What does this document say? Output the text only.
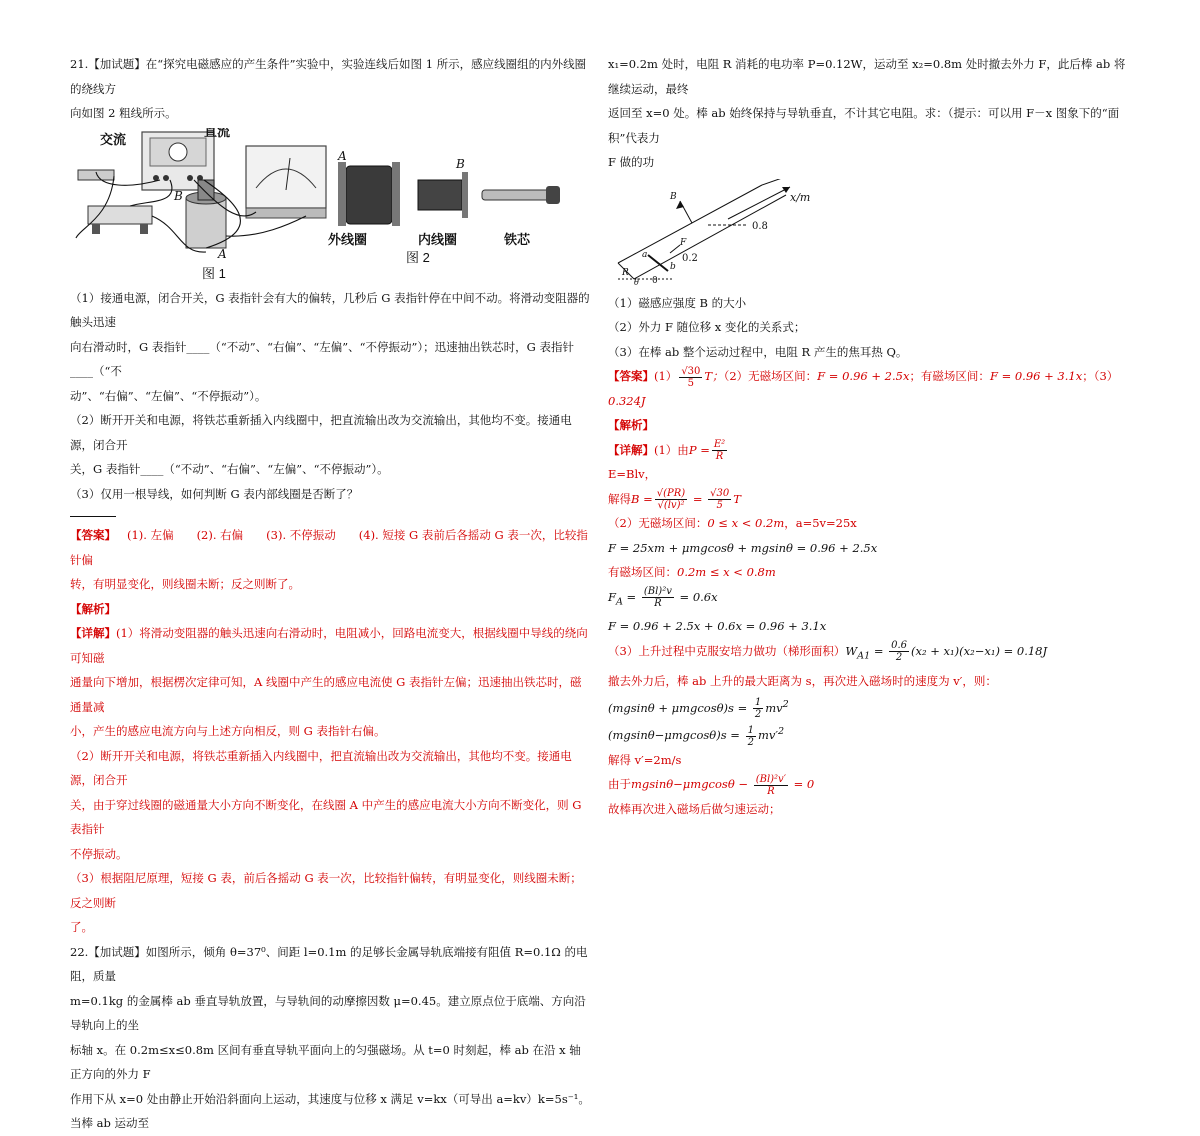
21.【加试题】在“探究电磁感应的产生条件”实验中，实验连线后如图 1 所示，感应线圈组的内外线圈的绕线方

向如图 2 粗线所示。

交流
直流
A
B
B
A
外线圈	内线圈	铁芯
图 1
图 2

（1）接通电源，闭合开关，G 表指针会有大的偏转，几秒后 G 表指针停在中间不动。将滑动变阻器的触头迅速

向右滑动时，G 表指针____（“不动”、“右偏”、“左偏”、“不停振动”）；迅速抽出铁芯时，G 表指针____（“不

动”、“右偏”、“左偏”、“不停振动”）。

（2）断开开关和电源，将铁芯重新插入内线圈中，把直流输出改为交流输出，其他均不变。接通电源，闭合开

关，G 表指针____（“不动”、“右偏”、“左偏”、“不停振动”）。

（3）仅用一根导线，如何判断 G 表内部线圈是否断了？

【答案】 (1). 左偏　　(2). 右偏　　(3). 不停振动　　(4). 短接 G 表前后各摇动 G 表一次，比较指针偏

转，有明显变化，则线圈未断；反之则断了。

【解析】

【详解】(1）将滑动变阻器的触头迅速向右滑动时，电阻减小，回路电流变大，根据线圈中导线的绕向可知磁

通量向下增加，根据楞次定律可知，A 线圈中产生的感应电流使 G 表指针左偏；迅速抽出铁芯时，磁通量减

小，产生的感应电流方向与上述方向相反，则 G 表指针右偏。

（2）断开开关和电源，将铁芯重新插入内线圈中，把直流输出改为交流输出，其他均不变。接通电源，闭合开

关，由于穿过线圈的磁通量大小方向不断变化，在线圈 A 中产生的感应电流大小方向不断变化，则 G 表指针

不停振动。

（3）根据阻尼原理，短接 G 表，前后各摇动 G 表一次，比较指针偏转，有明显变化，则线圈未断；反之则断

了。

22.【加试题】如图所示，倾角 θ=37⁰、间距 l=0.1m 的足够长金属导轨底端接有阻值 R=0.1Ω 的电阻，质量

m=0.1kg 的金属棒 ab 垂直导轨放置，与导轨间的动摩擦因数 μ=0.45。建立原点位于底端、方向沿导轨向上的坐

标轴 x。在 0.2m≤x≤0.8m 区间有垂直导轨平面向上的匀强磁场。从 t=0 时刻起，棒 ab 在沿 x 轴正方向的外力 F

作用下从 x=0 处由静止开始沿斜面向上运动，其速度与位移 x 满足 v=kx（可导出 a=kv）k=5s⁻¹。当棒 ab 运动至

x₁=0.2m 处时，电阻 R 消耗的电功率 P=0.12W，运动至 x₂=0.8m 处时撤去外力 F，此后棒 ab 将继续运动，最终

返回至 x=0 处。棒 ab 始终保持与导轨垂直，不计其它电阻。求：（提示：可以用 F－x 图象下的“面积”代表力

F 做的功

B	x/m
0.8
0.2
a
F
b
R
0
θ

（1）磁感应强度 B 的大小

（2）外力 F 随位移 x 变化的关系式；

（3）在棒 ab 整个运动过程中，电阻 R 产生的焦耳热 Q。

【答案】$(1) \frac{√30}{5}$ T；（2）无磁场区间：F = 0.96 + 2.5x；有磁场区间：F = 0.96 + 3.1x；（3）0.324J

【解析】

【详解】(1）由$P = \frac{\text{E²}}{R}$

E=Blv，

解得$B = \frac{√(PR)}{\text{√(lv)²}} = \frac{√30}{5}$ T

（2）无磁场区间：0 ≤ x < 0.2m，a=5v=25x

F = 25xm + μmgcosθ + mgsinθ = 0.96 + 2.5x

有磁场区间：0.2m ≤ x < 0.8m

$F_A = \frac{\text{(Bl)²v}}{R} = 0.6x$

F = 0.96 + 2.5x + 0.6x = 0.96 + 3.1x

（3）上升过程中克服安培力做功（梯形面积）$W_{A1} = \frac{0.6}{2} (x_2 + x_1)(x_2-x_1) = 0.18J$

撤去外力后，棒 ab 上升的最大距离为 s，再次进入磁场时的速度为 v′，则：

$(mgsin\theta + \mu mgcos\theta)s = \frac{1}{2} mv^2$

$(mgsin\theta-\mu mgcos\theta)s = \frac{1}{2} mv'^2$

解得 v′=2m/s

由于$mgsin\theta-\mu mgcos\theta - \frac{\text{(Bl)²v′}}{R} = 0$

故棒再次进入磁场后做匀速运动；
